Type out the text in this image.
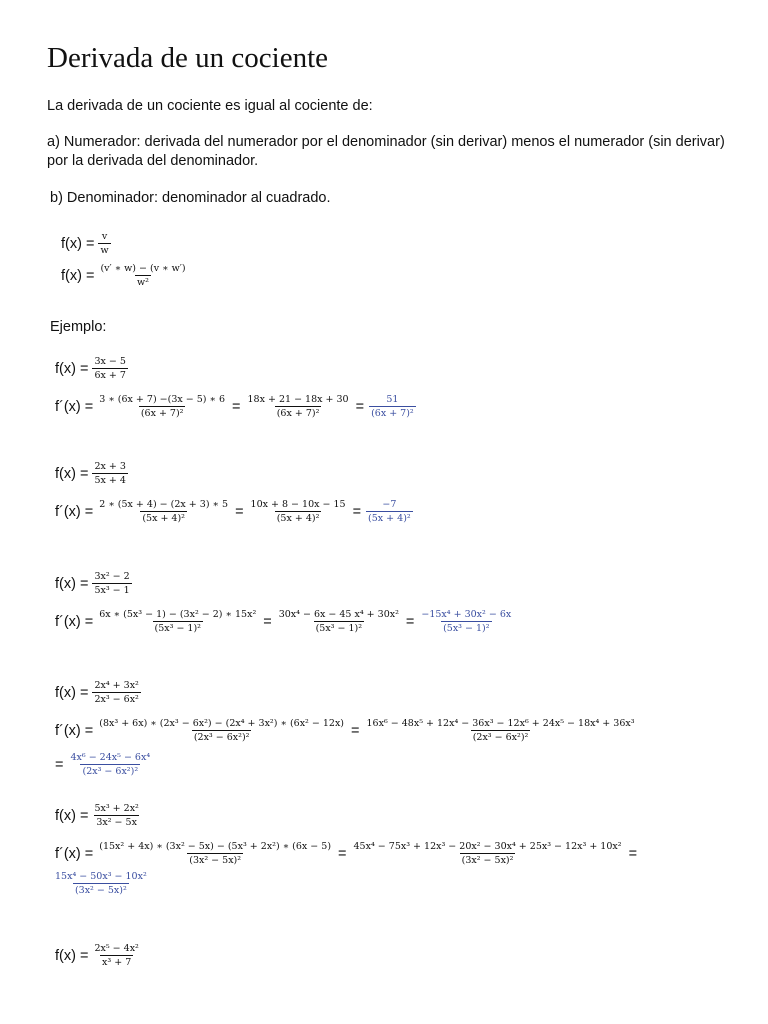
Derivada de un cociente
La derivada de un cociente es igual al cociente de:
a) Numerador: derivada del numerador por el denominador (sin derivar) menos el numerador (sin derivar) por la derivada del denominador.
b) Denominador: denominador al cuadrado.
$f(x) = \frac{v}{w}$
$f(x) = \frac{(v' ∗ w) - (v ∗ w')}{\text{w²}}$
Ejemplo:
$f(x) = \frac{3x - 5}{6x + 7}$
f´(x) = $\frac{3 ∗ (6x + 7) -(3x - 5) ∗ 6}{\text{(6x + 7)²}} = \frac{18x + 21 - 18x + 30}{\text{(6x + 7)²}} = \frac{51}{\text{(6x + 7)²}}$
$f(x) = \frac{2x + 3}{5x + 4}$
f´(x) = $\frac{2 ∗ (5x + 4) - (2x + 3) ∗ 5}{\text{(5x + 4)²}} = \frac{10x + 8 - 10x - 15}{\text{(5x + 4)²}} = \frac{-7}{\text{(5x + 4)²}}$
$f(x) = \frac{\text{3x² − 2}}{\text{5x³ − 1}}$
f´(x) = $\frac{\text{6x ∗ (5x³ − 1) − (3x² − 2) ∗ 15x²}}{\text{(5x³ − 1)²}} = \frac{\text{30x⁴ − 6x − 45 x⁴ + 30x²}}{\text{(5x³ − 1)²}} = \frac{\text{−15x⁴ + 30x² − 6x}}{\text{(5x³ − 1)²}}$
$f(x) = \frac{\text{2x⁴ + 3x²}}{\text{2x³ − 6x²}}$
f´(x) = $\frac{\text{(8x³ + 6x) ∗ (2x³ − 6x²) − (2x⁴ + 3x²) ∗ (6x² − 12x)}}{\text{(2x³ − 6x²)²}} = \frac{\text{16x⁶ − 48x⁵ + 12x⁴ − 36x³ − 12x⁶ + 24x⁵ − 18x⁴ + 36x³}}{\text{(2x³ − 6x²)²}}$
= $\frac{\text{4x⁶ − 24x⁵ − 6x⁴}}{\text{(2x³ − 6x²)²}}$
$f(x) = \frac{\text{5x³ + 2x²}}{\text{3x² − 5x}}$
f´(x) = $\frac{\text{(15x² + 4x) ∗ (3x² − 5x) − (5x³ + 2x²) ∗ (6x − 5)}}{\text{(3x² − 5x)²}} = \frac{\text{45x⁴ − 75x³ + 12x³ − 20x² − 30x⁴ + 25x³ − 12x³ + 10x²}}{\text{(3x² − 5x)²}}$ =
$\frac{\text{15x⁴ − 50x³ − 10x²}}{\text{(3x² − 5x)²}}$
$f(x) = \frac{\text{2x⁵ − 4x²}}{\text{x³ + 7}}$
